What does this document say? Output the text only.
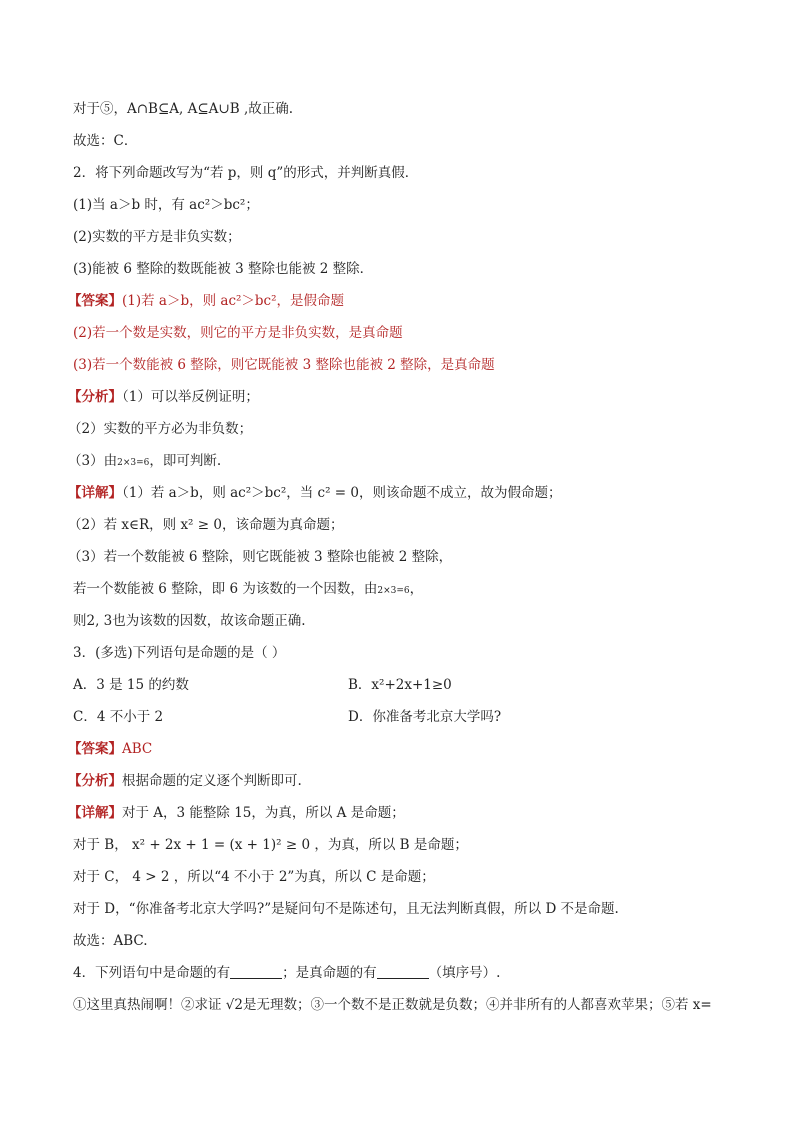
对于⑤，A∩B⊆A, A⊆A∪B ,故正确.
故选：C．
2．将下列命题改写为“若 p，则 q”的形式，并判断真假．
(1)当 a＞b 时，有 ac²＞bc²；
(2)实数的平方是非负实数；
(3)能被 6 整除的数既能被 3 整除也能被 2 整除．
【答案】(1)若 a＞b，则 ac²＞bc²，是假命题
(2)若一个数是实数，则它的平方是非负实数，是真命题
(3)若一个数能被 6 整除，则它既能被 3 整除也能被 2 整除，是真命题
【分析】（1）可以举反例证明；
（2）实数的平方必为非负数；
（3）由2×3=6，即可判断.
【详解】（1）若 a＞b，则 ac²＞bc²，当 c² = 0，则该命题不成立，故为假命题；
（2）若 x∈R，则 x² ≥ 0，该命题为真命题；
（3）若一个数能被 6 整除，则它既能被 3 整除也能被 2 整除，
若一个数能被 6 整除，即 6 为该数的一个因数，由2×3=6，
则2, 3也为该数的因数，故该命题正确.
3．(多选)下列语句是命题的是（ ）
A．3 是 15 的约数	B．x²+2x+1≥0
C．4 不小于 2	D．你准备考北京大学吗?
【答案】ABC
【分析】根据命题的定义逐个判断即可.
【详解】对于 A，3 能整除 15，为真，所以 A 是命题；
对于 B， x² + 2x + 1 = (x + 1)² ≥ 0 ，为真，所以 B 是命题；
对于 C， 4 > 2 ，所以“4 不小于 2”为真，所以 C 是命题；
对于 D，“你准备考北京大学吗?”是疑问句不是陈述句，且无法判断真假，所以 D 不是命题.
故选：ABC.
4．下列语句中是命题的有	；是真命题的有	（填序号）.
①这里真热闹啊！②求证 √2是无理数；③一个数不是正数就是负数；④并非所有的人都喜欢苹果；⑤若 x=
